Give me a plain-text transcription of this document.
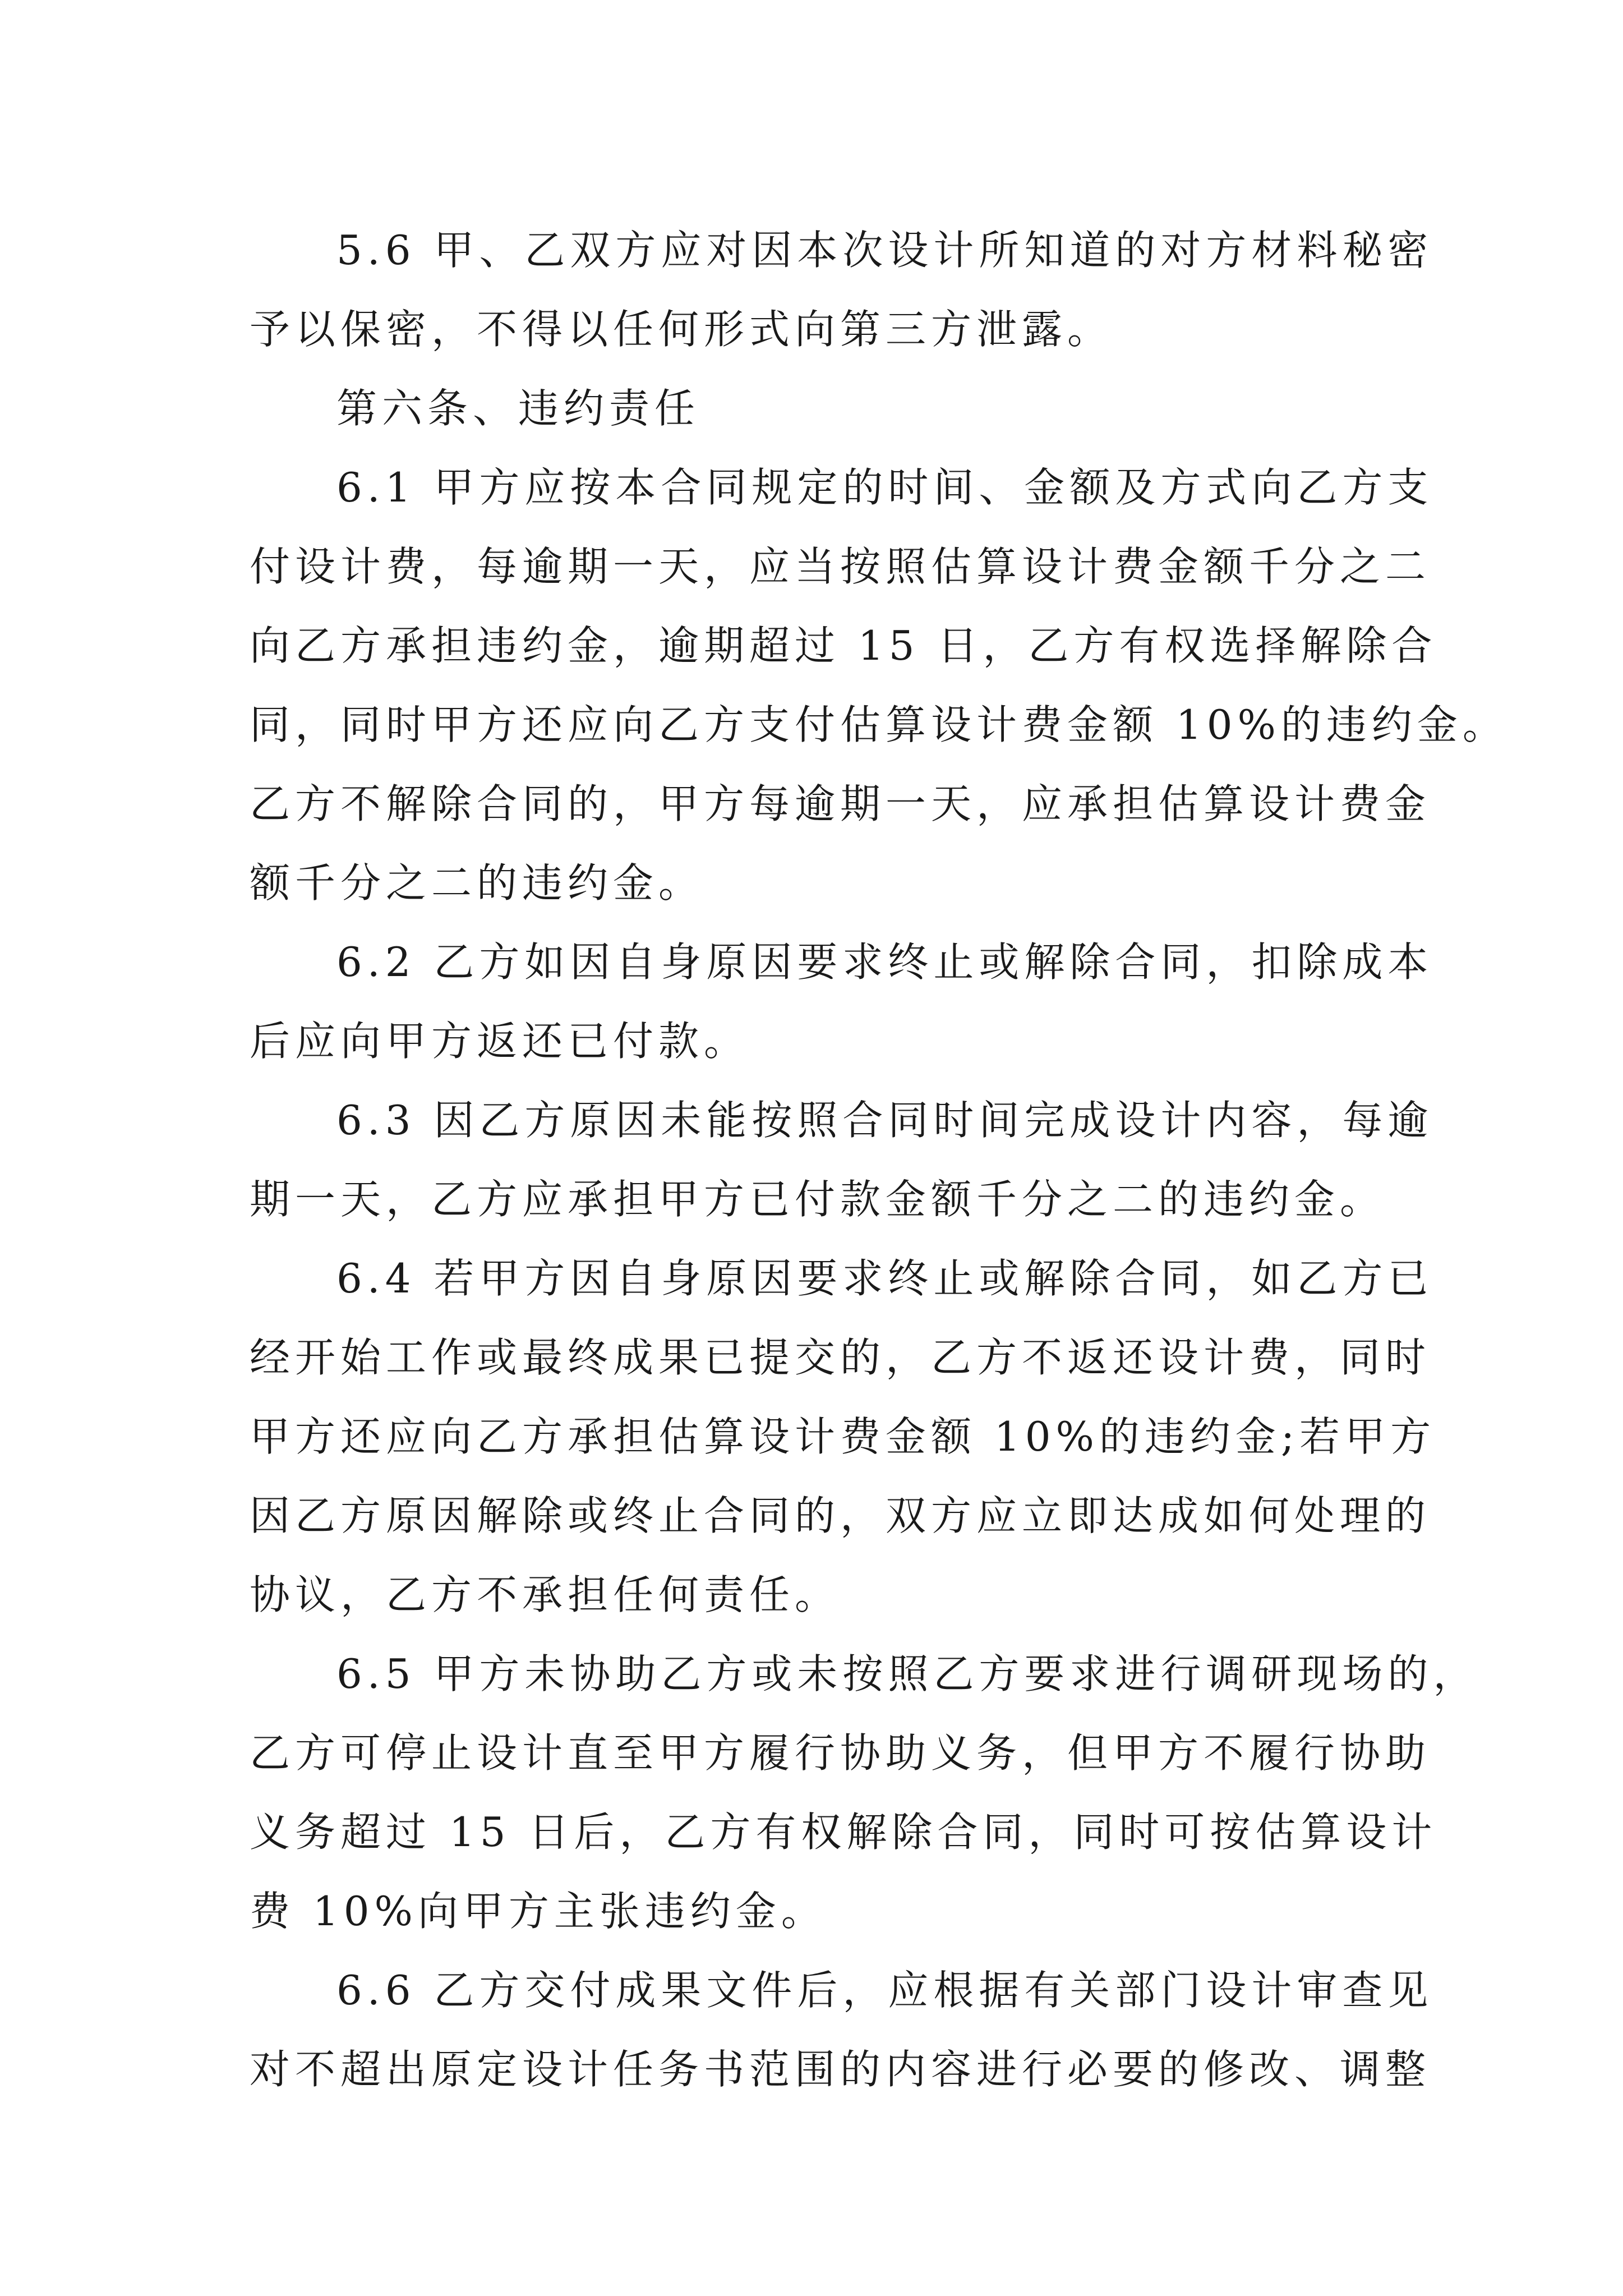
5.6 甲、乙双方应对因本次设计所知道的对方材料秘密
予以保密，不得以任何形式向第三方泄露。
第六条、违约责任
6.1 甲方应按本合同规定的时间、金额及方式向乙方支
付设计费，每逾期一天，应当按照估算设计费金额千分之二
向乙方承担违约金，逾期超过 15 日，乙方有权选择解除合
同，同时甲方还应向乙方支付估算设计费金额 10%的违约金。
乙方不解除合同的，甲方每逾期一天，应承担估算设计费金
额千分之二的违约金。
6.2 乙方如因自身原因要求终止或解除合同，扣除成本
后应向甲方返还已付款。
6.3 因乙方原因未能按照合同时间完成设计内容，每逾
期一天，乙方应承担甲方已付款金额千分之二的违约金。
6.4 若甲方因自身原因要求终止或解除合同，如乙方已
经开始工作或最终成果已提交的，乙方不返还设计费，同时
甲方还应向乙方承担估算设计费金额 10%的违约金;若甲方
因乙方原因解除或终止合同的，双方应立即达成如何处理的
协议，乙方不承担任何责任。
6.5 甲方未协助乙方或未按照乙方要求进行调研现场的，
乙方可停止设计直至甲方履行协助义务，但甲方不履行协助
义务超过 15 日后，乙方有权解除合同，同时可按估算设计
费 10%向甲方主张违约金。
6.6 乙方交付成果文件后，应根据有关部门设计审查见
对不超出原定设计任务书范围的内容进行必要的修改、调整
